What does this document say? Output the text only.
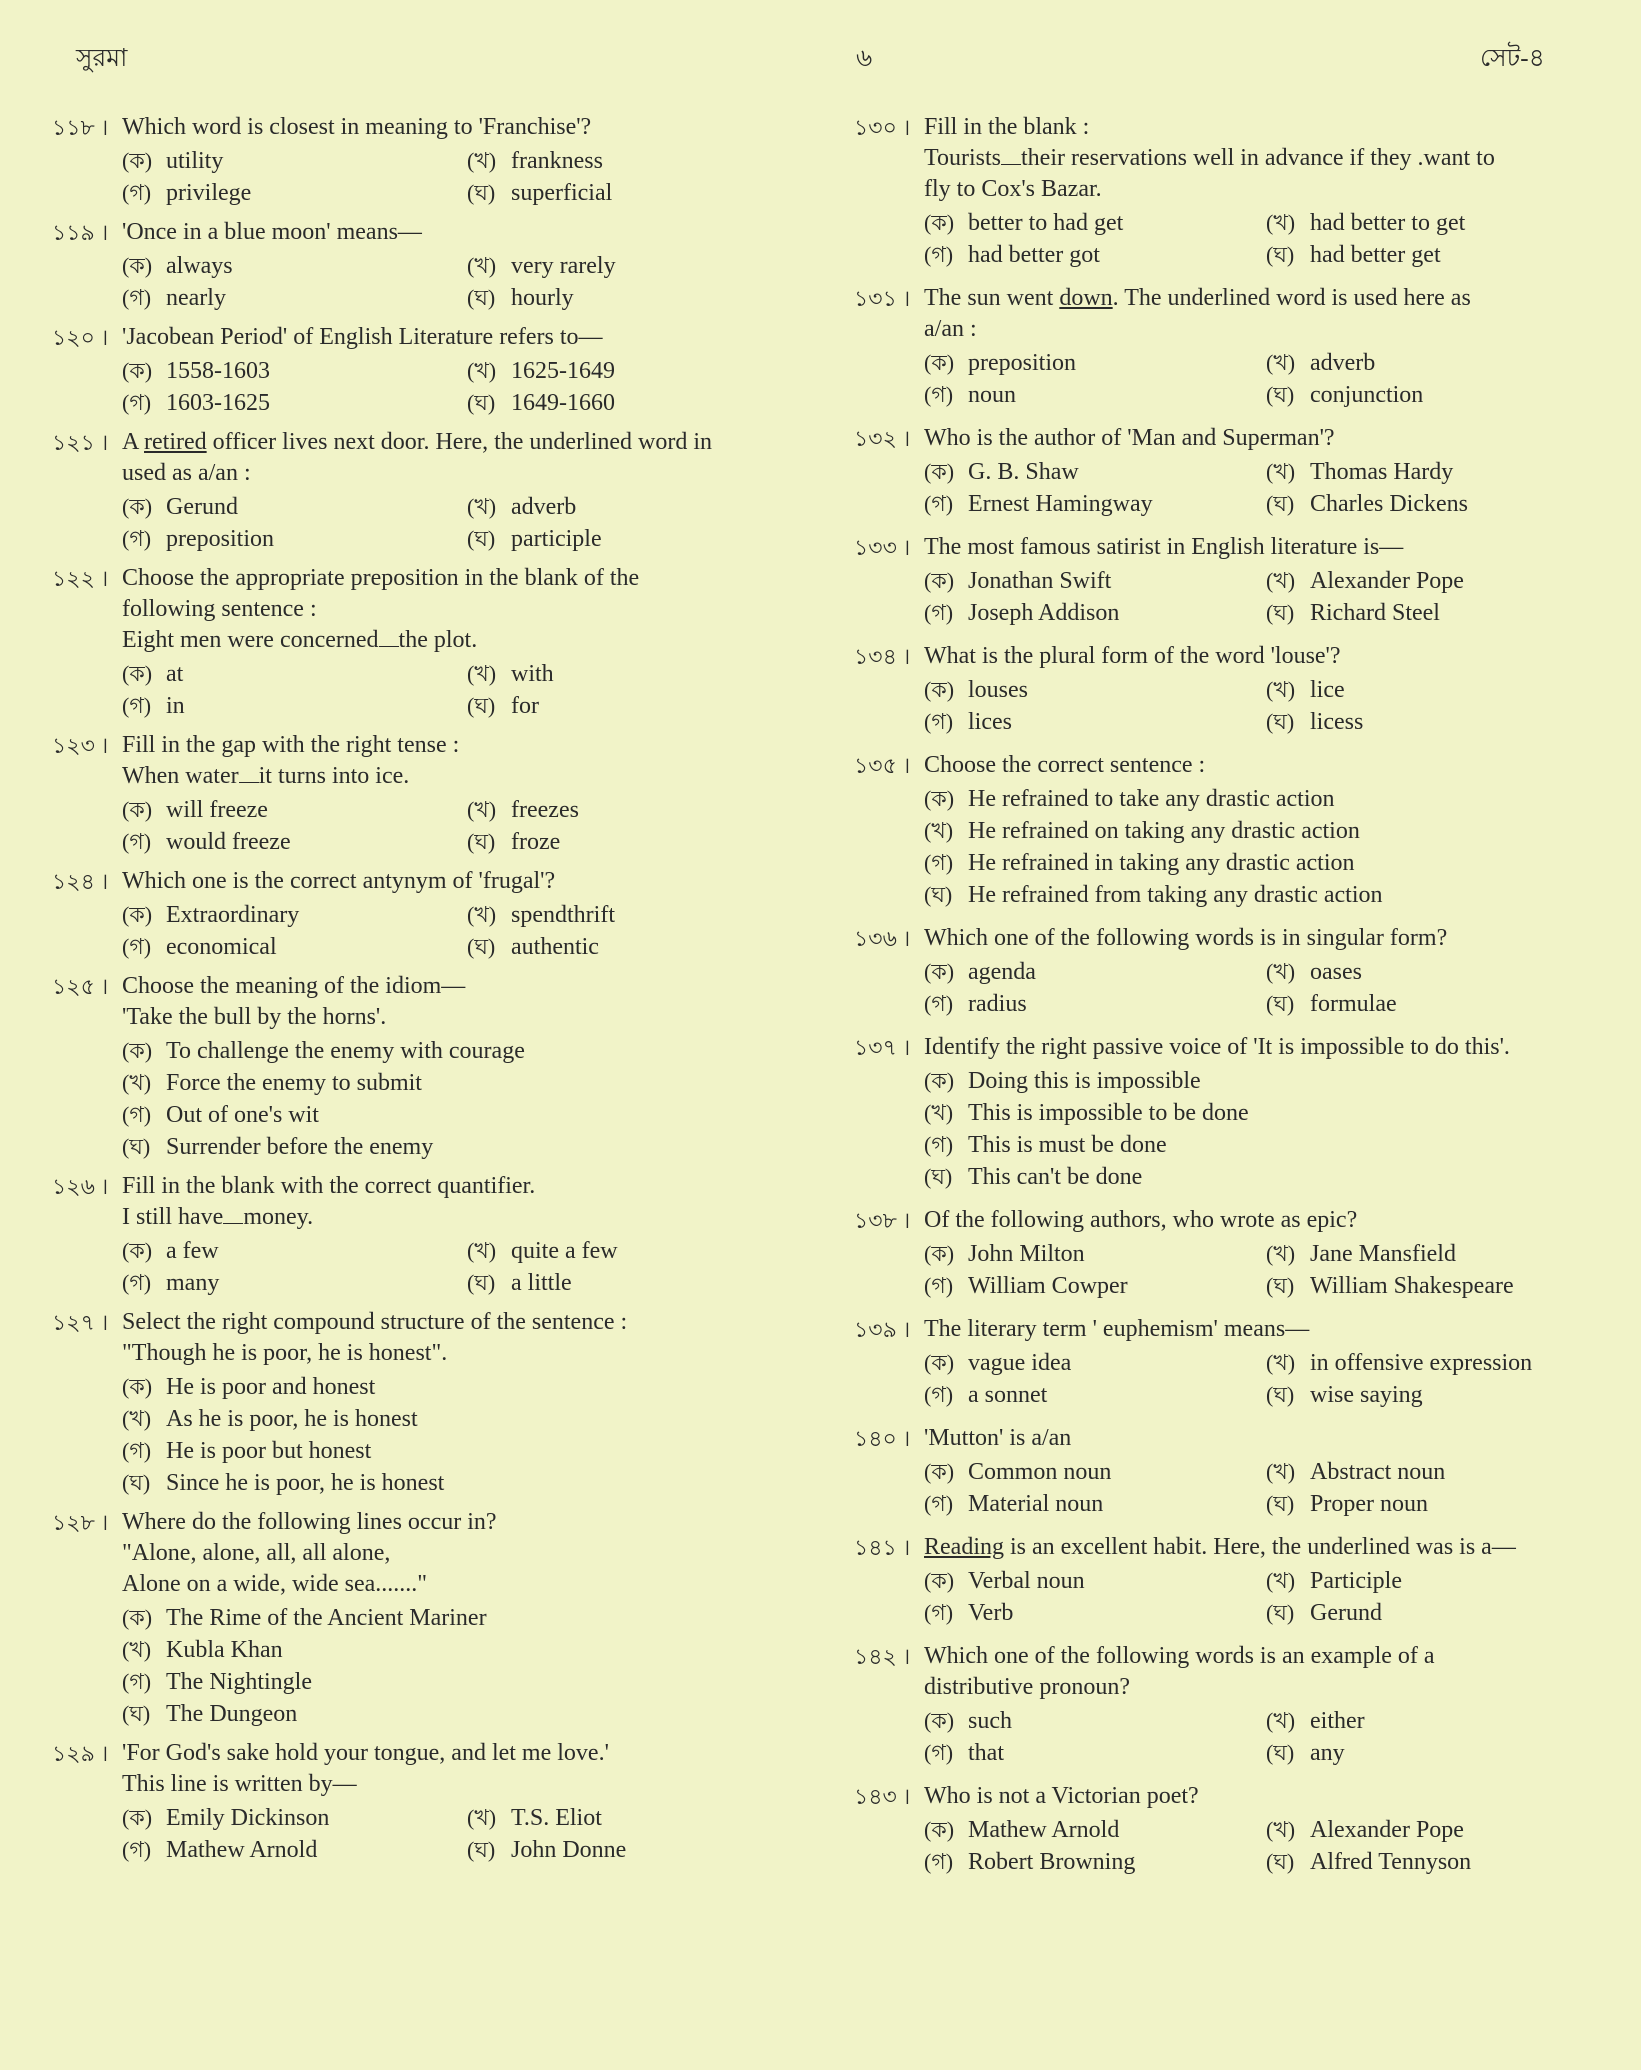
সুরমা	৬	সেট-৪
১১৮ । Which word is closest in meaning to 'Franchise'?
(ক) utility	(খ) frankness
(গ) privilege	(ঘ) superficial
১১৯ । 'Once in a blue moon' means—
(ক) always	(খ) very rarely
(গ) nearly	(ঘ) hourly
১২০ । 'Jacobean Period' of English Literature refers to—
(ক) 1558-1603	(খ) 1625-1649
(গ) 1603-1625	(ঘ) 1649-1660
১২১ । A retired officer lives next door. Here, the underlined word in
used as a/an :
(ক) Gerund	(খ) adverb
(গ) preposition	(ঘ) participle
১২২ । Choose the appropriate preposition in the blank of the
following sentence :
Eight men were concerned the plot.
(ক) at	(খ) with
(গ) in	(ঘ) for
১২৩ । Fill in the gap with the right tense :
When water it turns into ice.
(ক) will freeze	(খ) freezes
(গ) would freeze	(ঘ) froze
১২৪ । Which one is the correct antynym of 'frugal'?
(ক) Extraordinary	(খ) spendthrift
(গ) economical	(ঘ) authentic
১২৫ । Choose the meaning of the idiom—
'Take the bull by the horns'.
(ক) To challenge the enemy with courage
(খ) Force the enemy to submit
(গ) Out of one's wit
(ঘ) Surrender before the enemy
১২৬ । Fill in the blank with the correct quantifier.
I still have money.
(ক) a few	(খ) quite a few
(গ) many	(ঘ) a little
১২৭ । Select the right compound structure of the sentence :
"Though he is poor, he is honest".
(ক) He is poor and honest
(খ) As he is poor, he is honest
(গ) He is poor but honest
(ঘ) Since he is poor, he is honest
১২৮ । Where do the following lines occur in?
"Alone, alone, all, all alone,
Alone on a wide, wide sea......."
(ক) The Rime of the Ancient Mariner
(খ) Kubla Khan
(গ) The Nightingle
(ঘ) The Dungeon
১২৯ । 'For God's sake hold your tongue, and let me love.'
This line is written by—
(ক) Emily Dickinson	(খ) T.S. Eliot
(গ) Mathew Arnold	(ঘ) John Donne
১৩০ । Fill in the blank :
Tourists their reservations well in advance if they .want to
fly to Cox's Bazar.
(ক) better to had get	(খ) had better to get
(গ) had better got	(ঘ) had better get
১৩১ । The sun went down. The underlined word is used here as
a/an :
(ক) preposition	(খ) adverb
(গ) noun	(ঘ) conjunction
১৩২ । Who is the author of 'Man and Superman'?
(ক) G. B. Shaw	(খ) Thomas Hardy
(গ) Ernest Hamingway	(ঘ) Charles Dickens
১৩৩ । The most famous satirist in English literature is—
(ক) Jonathan Swift	(খ) Alexander Pope
(গ) Joseph Addison	(ঘ) Richard Steel
১৩৪ । What is the plural form of the word 'louse'?
(ক) louses	(খ) lice
(গ) lices	(ঘ) licess
১৩৫ । Choose the correct sentence :
(ক) He refrained to take any drastic action
(খ) He refrained on taking any drastic action
(গ) He refrained in taking any drastic action
(ঘ) He refrained from taking any drastic action
১৩৬ । Which one of the following words is in singular form?
(ক) agenda	(খ) oases
(গ) radius	(ঘ) formulae
১৩৭ । Identify the right passive voice of 'It is impossible to do this'.
(ক) Doing this is impossible
(খ) This is impossible to be done
(গ) This is must be done
(ঘ) This can't be done
১৩৮ । Of the following authors, who wrote as epic?
(ক) John Milton	(খ) Jane Mansfield
(গ) William Cowper	(ঘ) William Shakespeare
১৩৯ । The literary term ' euphemism' means—
(ক) vague idea	(খ) in offensive expression
(গ) a sonnet	(ঘ) wise saying
১৪০ । 'Mutton' is a/an
(ক) Common noun	(খ) Abstract noun
(গ) Material noun	(ঘ) Proper noun
১৪১ । Reading is an excellent habit. Here, the underlined was is a—
(ক) Verbal noun	(খ) Participle
(গ) Verb	(ঘ) Gerund
১৪২ । Which one of the following words is an example of a
distributive pronoun?
(ক) such	(খ) either
(গ) that	(ঘ) any
১৪৩ । Who is not a Victorian poet?
(ক) Mathew Arnold	(খ) Alexander Pope
(গ) Robert Browning	(ঘ) Alfred Tennyson
